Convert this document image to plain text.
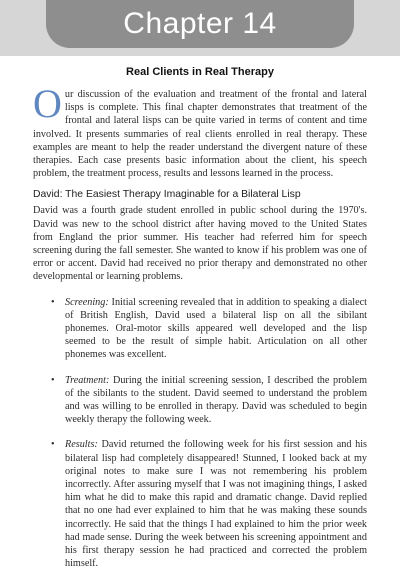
Chapter 14
Real Clients in Real Therapy

Our discussion of the evaluation and treatment of the frontal and lateral lisps is complete. This final chapter demonstrates that treatment of the frontal and lateral lisps can be quite varied in terms of content and time involved. It presents summaries of real clients enrolled in real therapy. These examples are meant to help the reader understand the divergent nature of these therapies. Each case presents basic information about the client, his speech problem, the treatment process, results and lessons learned in the process.

David: The Easiest Therapy Imaginable for a Bilateral Lisp

David was a fourth grade student enrolled in public school during the 1970's. David was new to the school district after having moved to the United States from England the prior summer. His teacher had referred him for speech screening during the fall semester. She wanted to know if his problem was one of error or accent. David had received no prior therapy and demonstrated no other developmental or learning problems.

• Screening: Initial screening revealed that in addition to speaking a dialect of British English, David used a bilateral lisp on all the sibilant phonemes. Oral-motor skills appeared well developed and the lisp seemed to be the result of simple habit. Articulation on all other phonemes was excellent.
• Treatment: During the initial screening session, I described the problem of the sibilants to the student. David seemed to understand the problem and was willing to be enrolled in therapy. David was scheduled to begin weekly therapy the following week.
• Results: David returned the following week for his first session and his bilateral lisp had completely disappeared! Stunned, I looked back at my original notes to make sure I was not remembering his problem incorrectly. After assuring myself that I was not imagining things, I asked him what he did to make this rapid and dramatic change. David replied that no one had ever explained to him that he was making these sounds incorrectly. He said that the things I had explained to him the prior week had made sense. During the week between his screening appointment and his first therapy session he had practiced and corrected the problem himself.
